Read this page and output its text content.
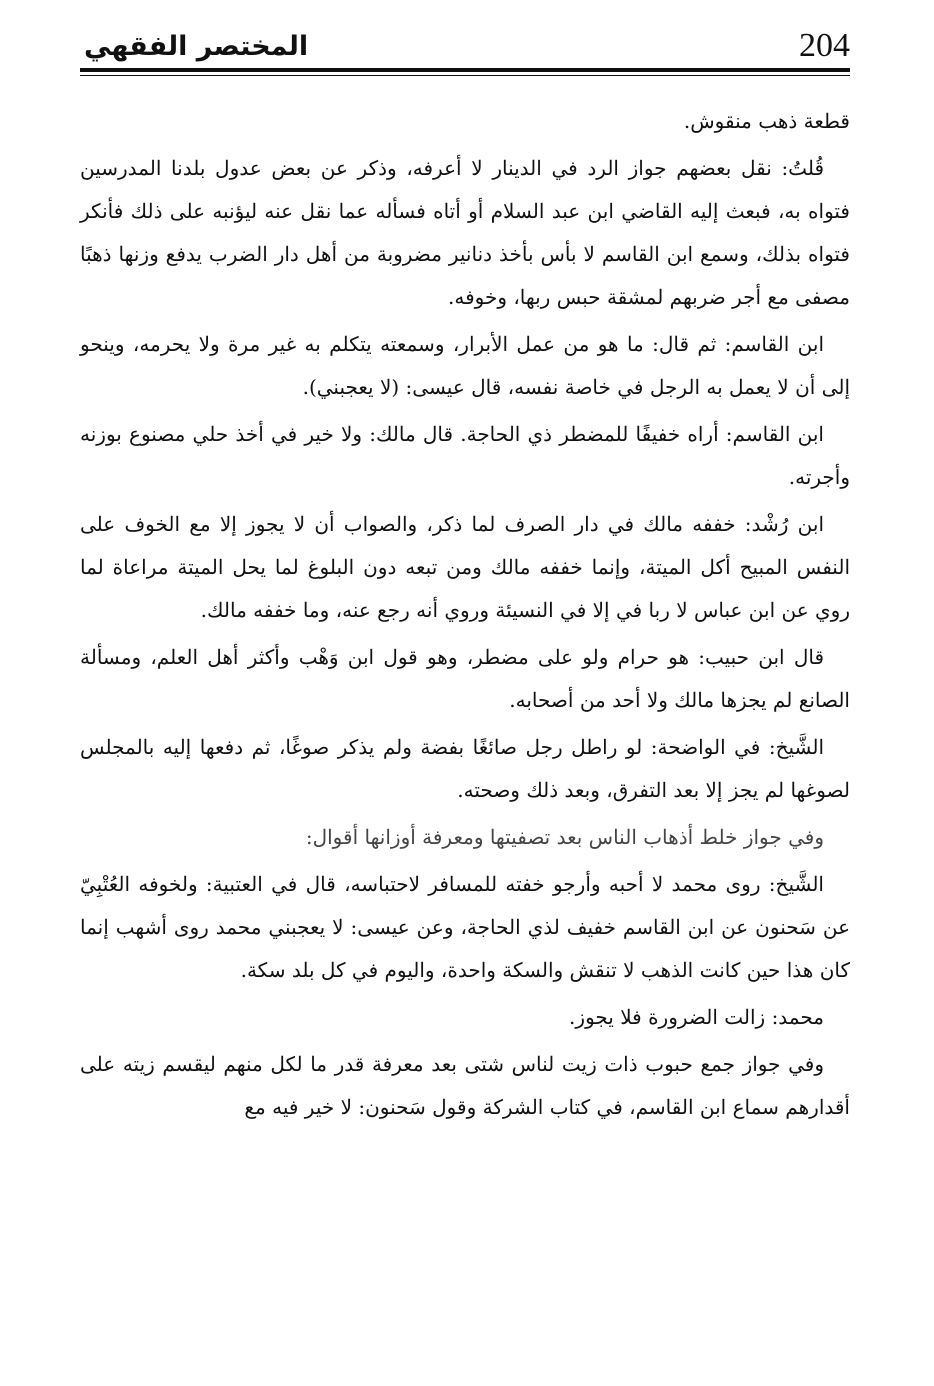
204
المختصر الفقهي

قطعة ذهب منقوش.

قُلتُ: نقل بعضهم جواز الرد في الدينار لا أعرفه، وذكر عن بعض عدول بلدنا المدرسين فتواه به، فبعث إليه القاضي ابن عبد السلام أو أتاه فسأله عما نقل عنه ليؤنبه على ذلك فأنكر فتواه بذلك، وسمع ابن القاسم لا بأس بأخذ دنانير مضروبة من أهل دار الضرب يدفع وزنها ذهبًا مصفى مع أجر ضربهم لمشقة حبس ربها، وخوفه.

ابن القاسم: ثم قال: ما هو من عمل الأبرار، وسمعته يتكلم به غير مرة ولا يحرمه، وينحو إلى أن لا يعمل به الرجل في خاصة نفسه، قال عيسى: (لا يعجبني).

ابن القاسم: أراه خفيفًا للمضطر ذي الحاجة. قال مالك: ولا خير في أخذ حلي مصنوع بوزنه وأجرته.

ابن رُشْد: خففه مالك في دار الصرف لما ذكر، والصواب أن لا يجوز إلا مع الخوف على النفس المبيح أكل الميتة، وإنما خففه مالك ومن تبعه دون البلوغ لما يحل الميتة مراعاة لما روي عن ابن عباس لا ربا في إلا في النسيئة وروي أنه رجع عنه، وما خففه مالك.

قال ابن حبيب: هو حرام ولو على مضطر، وهو قول ابن وَهْب وأكثر أهل العلم، ومسألة الصانع لم يجزها مالك ولا أحد من أصحابه.

الشَّيخ: في الواضحة: لو راطل رجل صائغًا بفضة ولم يذكر صوغًا، ثم دفعها إليه بالمجلس لصوغها لم يجز إلا بعد التفرق، وبعد ذلك وصحته.

وفي جواز خلط أذهاب الناس بعد تصفيتها ومعرفة أوزانها أقوال:

الشَّيخ: روى محمد لا أحبه وأرجو خفته للمسافر لاحتباسه، قال في العتبية: ولخوفه العُتْبِيّ عن سَحنون عن ابن القاسم خفيف لذي الحاجة، وعن عيسى: لا يعجبني محمد روى أشهب إنما كان هذا حين كانت الذهب لا تنقش والسكة واحدة، واليوم في كل بلد سكة.

محمد: زالت الضرورة فلا يجوز.

وفي جواز جمع حبوب ذات زيت لناس شتى بعد معرفة قدر ما لكل منهم ليقسم زيته على أقدارهم سماع ابن القاسم، في كتاب الشركة وقول سَحنون: لا خير فيه مع
